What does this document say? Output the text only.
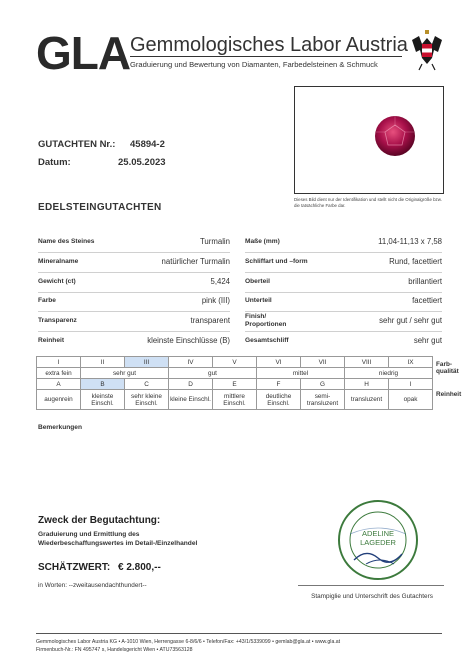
GLA Gemmologisches Labor Austria
Graduierung und Bewertung von Diamanten, Farbedelsteinen & Schmuck
Dieses Bild dient nur der Identifikation und stellt nicht die Originalgröße bzw. die tatsächliche Farbe dar.
GUTACHTEN Nr.: 45894-2
Datum:	25.05.2023
EDELSTEINGUTACHTEN
Name des Steines	Turmalin
Mineralname	natürlicher Turmalin
Gewicht (ct)	5,424
Farbe	pink (III)
Transparenz	transparent
Reinheit	kleinste Einschlüsse (B)
Maße (mm)	11,04-11,13 x 7,58
Schliffart und –form	Rund, facettiert
Oberteil	brillantiert
Unterteil	facettiert
Finish/ Proportionen	sehr gut / sehr gut
Gesamtschliff	sehr gut
I	II	III	IV	V	VI	VII	VIII	IX	Farb-qualität
extra fein	sehr gut		gut		mittel		niedrig		
A	B	C	D	E	F	G	H	I	Reinheit
augenrein	kleinste Einschl.	sehr kleine Einschl.	kleine Einschl.	mittlere Einschl.	deutliche Einschl.	semi-transluzent	transluzent	opak	
Bemerkungen
Zweck der Begutachtung:
Graduierung und Ermittlung des
Wiederbeschaffungswertes im Detail-/Einzelhandel
SCHÄTZWERT: € 2.800,--
in Worten: --zweitausendachthundert--
ADELINE
LAGEDER
Stampiglie und Unterschrift des Gutachters
Gemmologisches Labor Austria KG • A-1010 Wien, Herrengasse 6-8/6/6 • Telefon/Fax: +43/1/5339099 • gemlab@gla.at • www.gla.at
Firmenbuch-Nr.: FN 495747 s, Handelsgericht Wien • ATU73563128
